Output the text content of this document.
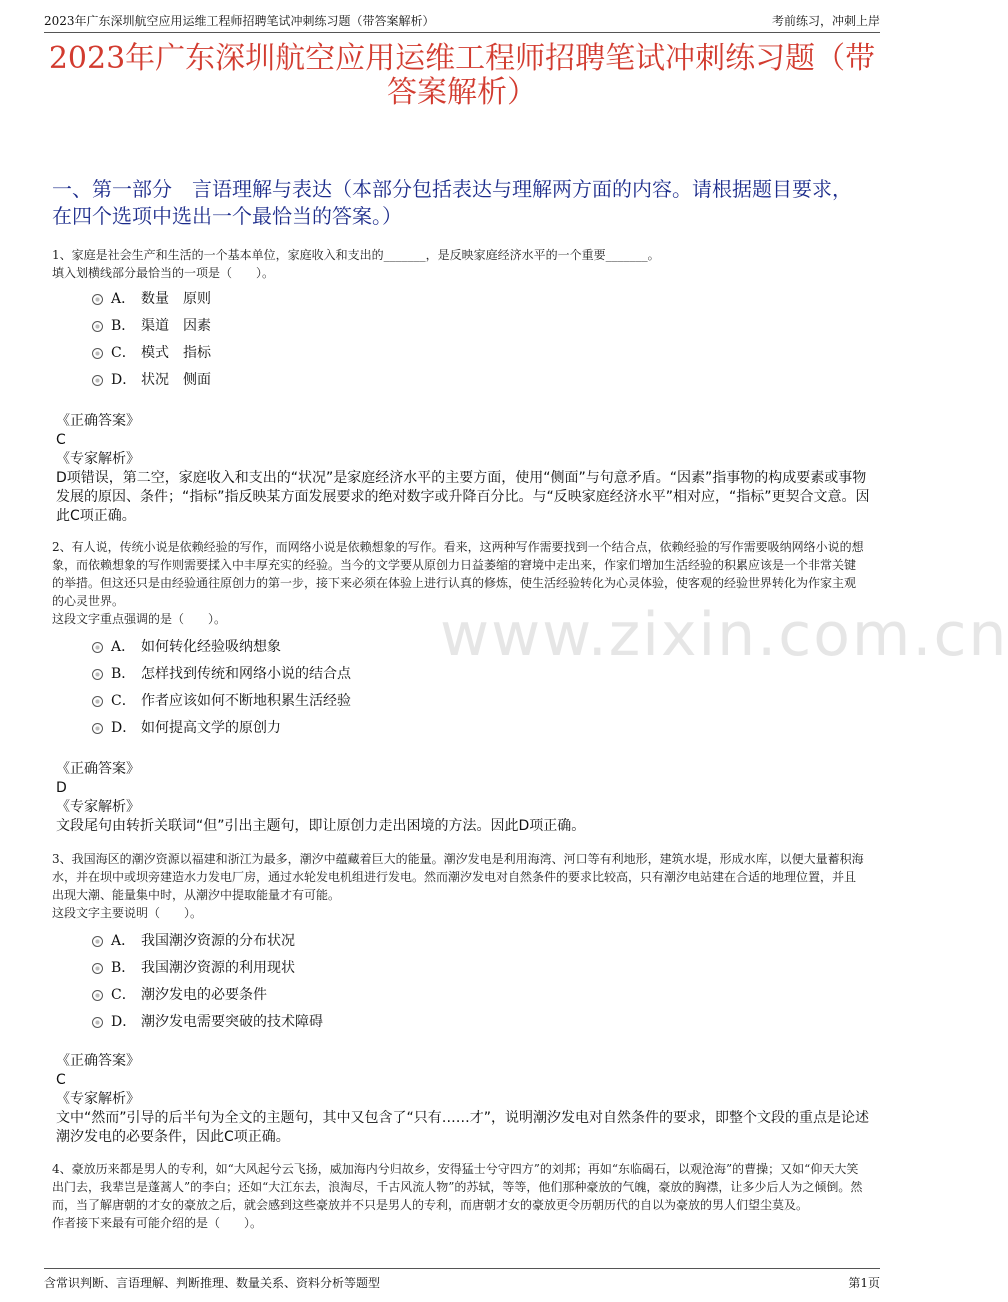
2023年广东深圳航空应用运维工程师招聘笔试冲刺练习题（带答案解析）	考前练习，冲刺上岸
2023年广东深圳航空应用运维工程师招聘笔试冲刺练习题（带答案解析）
一、第一部分　言语理解与表达（本部分包括表达与理解两方面的内容。请根据题目要求，在四个选项中选出一个最恰当的答案。）
www.zixin.com.cn
1、家庭是社会生产和生活的一个基本单位，家庭收入和支出的_______，是反映家庭经济水平的一个重要_______。
填入划横线部分最恰当的一项是（　　）。
A． 数量　原则
B． 渠道　因素
C． 模式　指标
D． 状况　侧面
《正确答案》
C
《专家解析》
D项错误，第二空，家庭收入和支出的“状况”是家庭经济水平的主要方面，使用“侧面”与句意矛盾。“因素”指事物的构成要素或事物发展的原因、条件；“指标”指反映某方面发展要求的绝对数字或升降百分比。与“反映家庭经济水平”相对应，“指标”更契合文意。因此C项正确。
2、有人说，传统小说是依赖经验的写作，而网络小说是依赖想象的写作。看来，这两种写作需要找到一个结合点，依赖经验的写作需要吸纳网络小说的想象，而依赖想象的写作则需要揉入中丰厚充实的经验。当今的文学要从原创力日益萎缩的窘境中走出来，作家们增加生活经验的积累应该是一个非常关键的举措。但这还只是由经验通往原创力的第一步，接下来必须在体验上进行认真的修炼，使生活经验转化为心灵体验，使客观的经验世界转化为作家主观的心灵世界。
这段文字重点强调的是（　　）。
A． 如何转化经验吸纳想象
B． 怎样找到传统和网络小说的结合点
C． 作者应该如何不断地积累生活经验
D． 如何提高文学的原创力
《正确答案》
D
《专家解析》
文段尾句由转折关联词“但”引出主题句，即让原创力走出困境的方法。因此D项正确。
3、我国海区的潮汐资源以福建和浙江为最多，潮汐中蕴藏着巨大的能量。潮汐发电是利用海湾、河口等有利地形，建筑水堤，形成水库，以便大量蓄积海水，并在坝中或坝旁建造水力发电厂房，通过水轮发电机组进行发电。然而潮汐发电对自然条件的要求比较高，只有潮汐电站建在合适的地理位置，并且出现大潮、能量集中时，从潮汐中提取能量才有可能。
这段文字主要说明（　　）。
A． 我国潮汐资源的分布状况
B． 我国潮汐资源的利用现状
C． 潮汐发电的必要条件
D． 潮汐发电需要突破的技术障碍
《正确答案》
C
《专家解析》
文中“然而”引导的后半句为全文的主题句，其中又包含了“只有……才”，说明潮汐发电对自然条件的要求，即整个文段的重点是论述潮汐发电的必要条件，因此C项正确。
4、豪放历来都是男人的专利，如“大风起兮云飞扬，威加海内兮归故乡，安得猛士兮守四方”的刘邦；再如“东临碣石，以观沧海”的曹操；又如“仰天大笑出门去，我辈岂是蓬蒿人”的李白；还如“大江东去，浪淘尽，千古风流人物”的苏轼，等等，他们那种豪放的气魄，豪放的胸襟，让多少后人为之倾倒。然而，当了解唐朝的才女的豪放之后，就会感到这些豪放并不只是男人的专利，而唐朝才女的豪放更令历朝历代的自以为豪放的男人们望尘莫及。
作者接下来最有可能介绍的是（　　）。
含常识判断、言语理解、判断推理、数量关系、资料分析等题型	第1页
